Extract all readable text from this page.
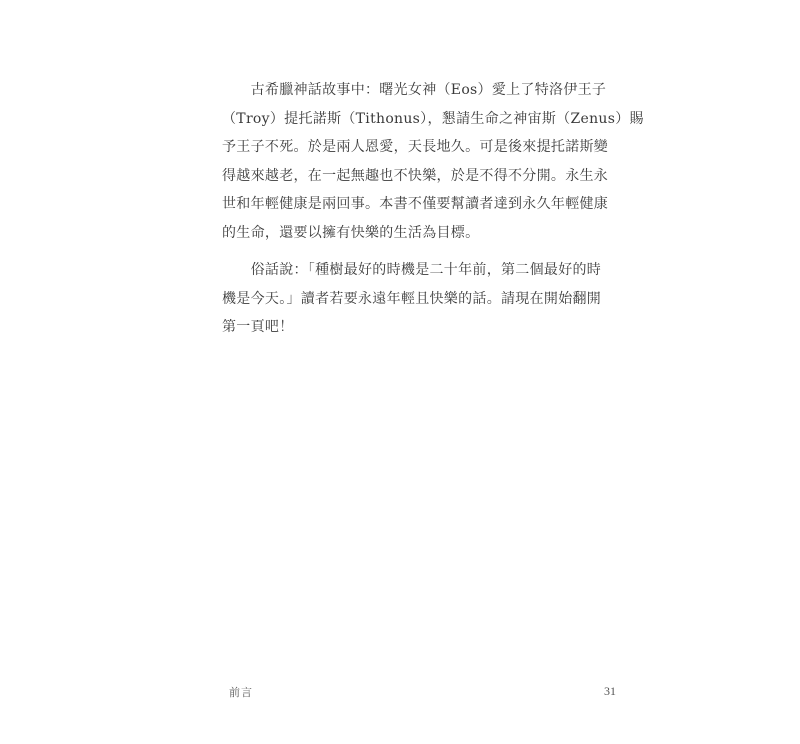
　　古希臘神話故事中：曙光女神（Eos）愛上了特洛伊王子
（Troy）提托諾斯（Tithonus），懇請生命之神宙斯（Zenus）賜
予王子不死。於是兩人恩愛，天長地久。可是後來提托諾斯變
得越來越老，在一起無趣也不快樂，於是不得不分開。永生永
世和年輕健康是兩回事。本書不僅要幫讀者達到永久年輕健康
的生命，還要以擁有快樂的生活為目標。
　　俗話說：「種樹最好的時機是二十年前，第二個最好的時
機是今天。」讀者若要永遠年輕且快樂的話。請現在開始翻開
第一頁吧！
前言	31
